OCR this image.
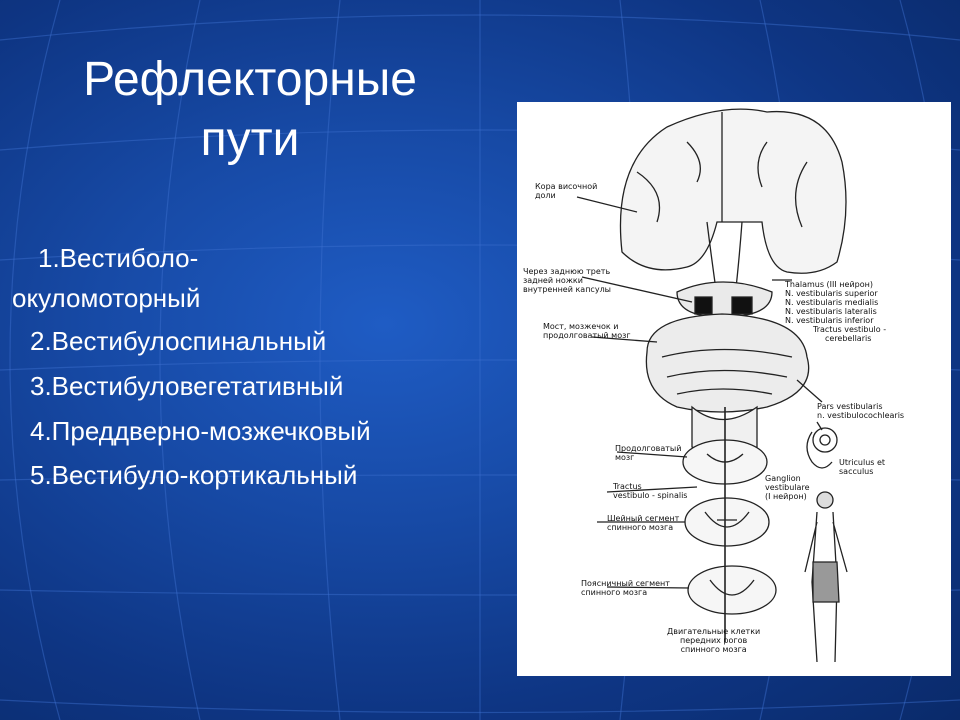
Рефлекторные
пути
1.Вестиболо-
окуломоторный
2.Вестибулоспинальный
3.Вестибуловегетативный
4.Преддверно-мозжечковый
5.Вестибуло-кортикальный
Кора височной
доли
Через заднюю треть
задней ножки
внутренней капсулы
Мост, мозжечок и
продолговатый мозг
Продолговатый
мозг
Tractus
vestibulo - spinalis
Шейный сегмент
спинного мозга
Поясничный сегмент
спинного мозга
Двигательные клетки
передних рогов
спинного мозга
Thalamus (III нейрон)
N. vestibularis superior
N. vestibularis medialis
N. vestibularis lateralis
N. vestibularis inferior
Tractus vestibulo -
cerebellaris
Pars vestibularis
n. vestibulocochlearis
Utriculus et
sacculus
Ganglion
vestibulare
(I нейрон)
